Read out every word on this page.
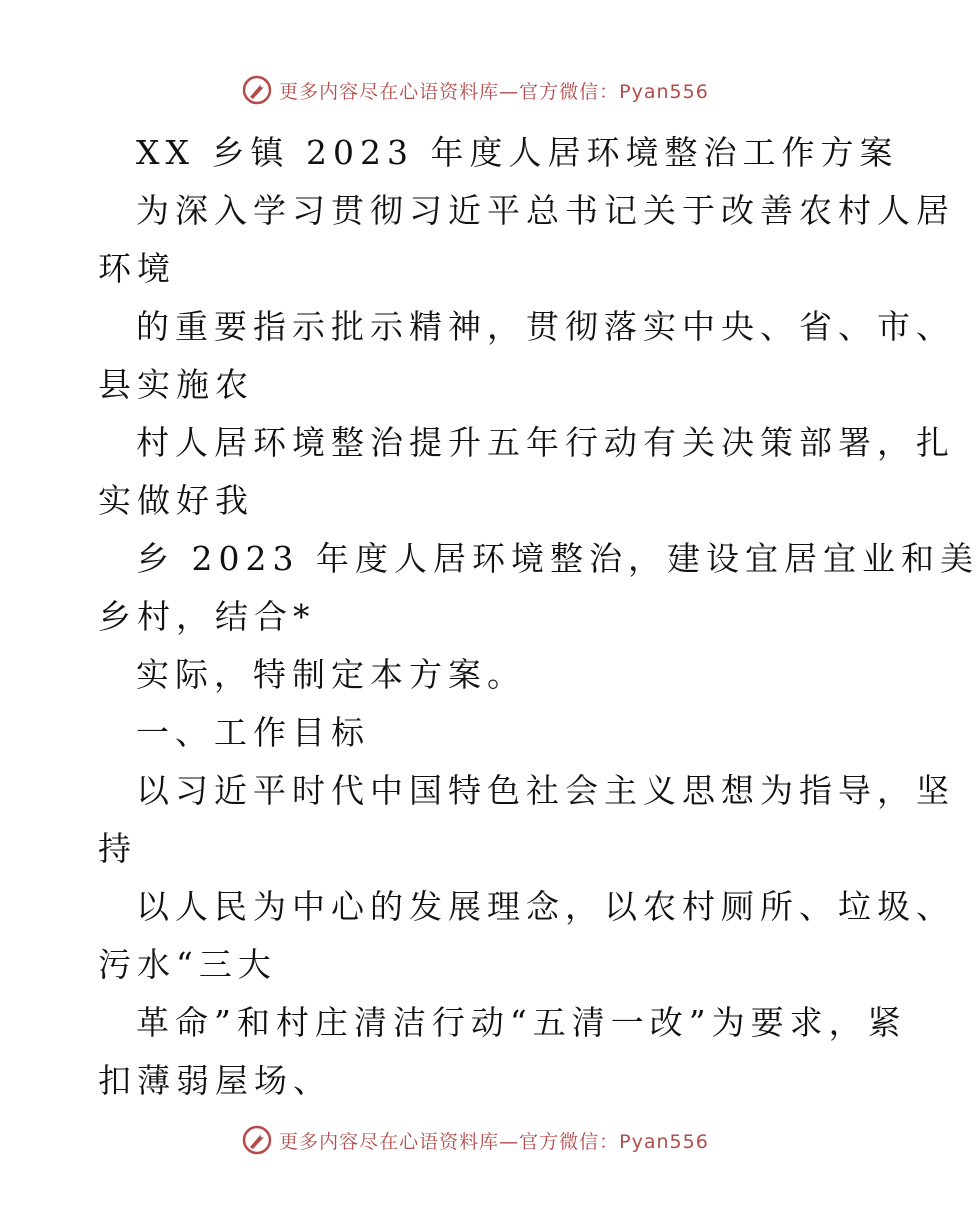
更多内容尽在心语资料库—官方微信：Pyan556
XX 乡镇 2023 年度人居环境整治工作方案
为深入学习贯彻习近平总书记关于改善农村人居
环境
的重要指示批示精神，贯彻落实中央、省、市、
县实施农
村人居环境整治提升五年行动有关决策部署，扎
实做好我
乡 2023 年度人居环境整治，建设宜居宜业和美
乡村，结合*
实际，特制定本方案。
一、工作目标
以习近平时代中国特色社会主义思想为指导，坚
持
以人民为中心的发展理念，以农村厕所、垃圾、
污水“三大
革命”和村庄清洁行动“五清一改”为要求，紧
扣薄弱屋场、
更多内容尽在心语资料库—官方微信：Pyan556
